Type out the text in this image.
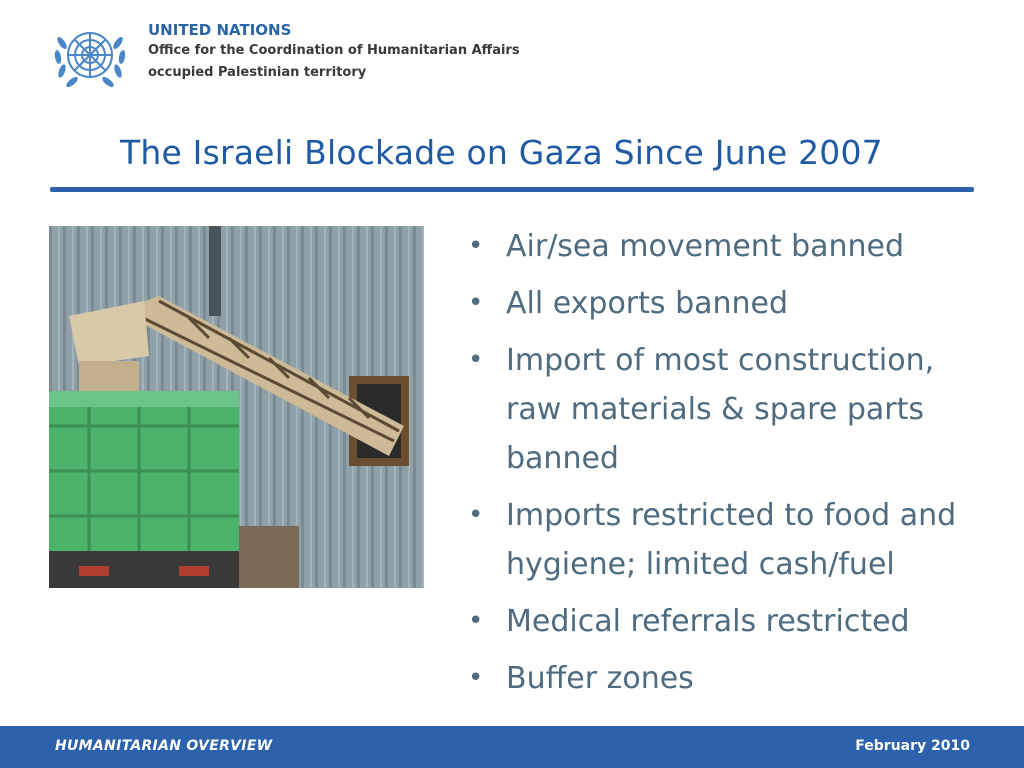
UNITED NATIONS
Office for the Coordination of Humanitarian Affairs
occupied Palestinian territory
The Israeli Blockade on Gaza Since June 2007
• Air/sea movement banned
• All exports banned
• Import of most construction, raw materials & spare parts banned
• Imports restricted to food and hygiene; limited cash/fuel
• Medical referrals restricted
• Buffer zones
HUMANITARIAN OVERVIEW	February 2010
